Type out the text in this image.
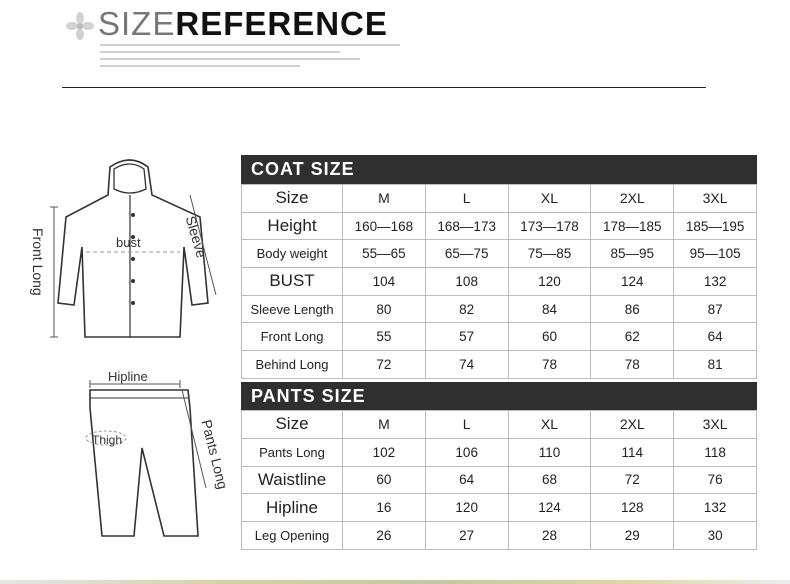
SIZEREFERENCE
Front Long	bust	Sleeve
Hipline
Thigh	Pants Long
COAT SIZE
Size	M	L	XL	2XL	3XL
Height	160—168	168—173	173—178	178—185	185—195
Body weight	55—65	65—75	75—85	85—95	95—105
BUST	104	108	120	124	132
Sleeve Length	80	82	84	86	87
Front Long	55	57	60	62	64
Behind Long	72	74	78	78	81
PANTS SIZE
Size	M	L	XL	2XL	3XL
Pants Long	102	106	110	114	118
Waistline	60	64	68	72	76
Hipline	16	120	124	128	132
Leg Opening	26	27	28	29	30
